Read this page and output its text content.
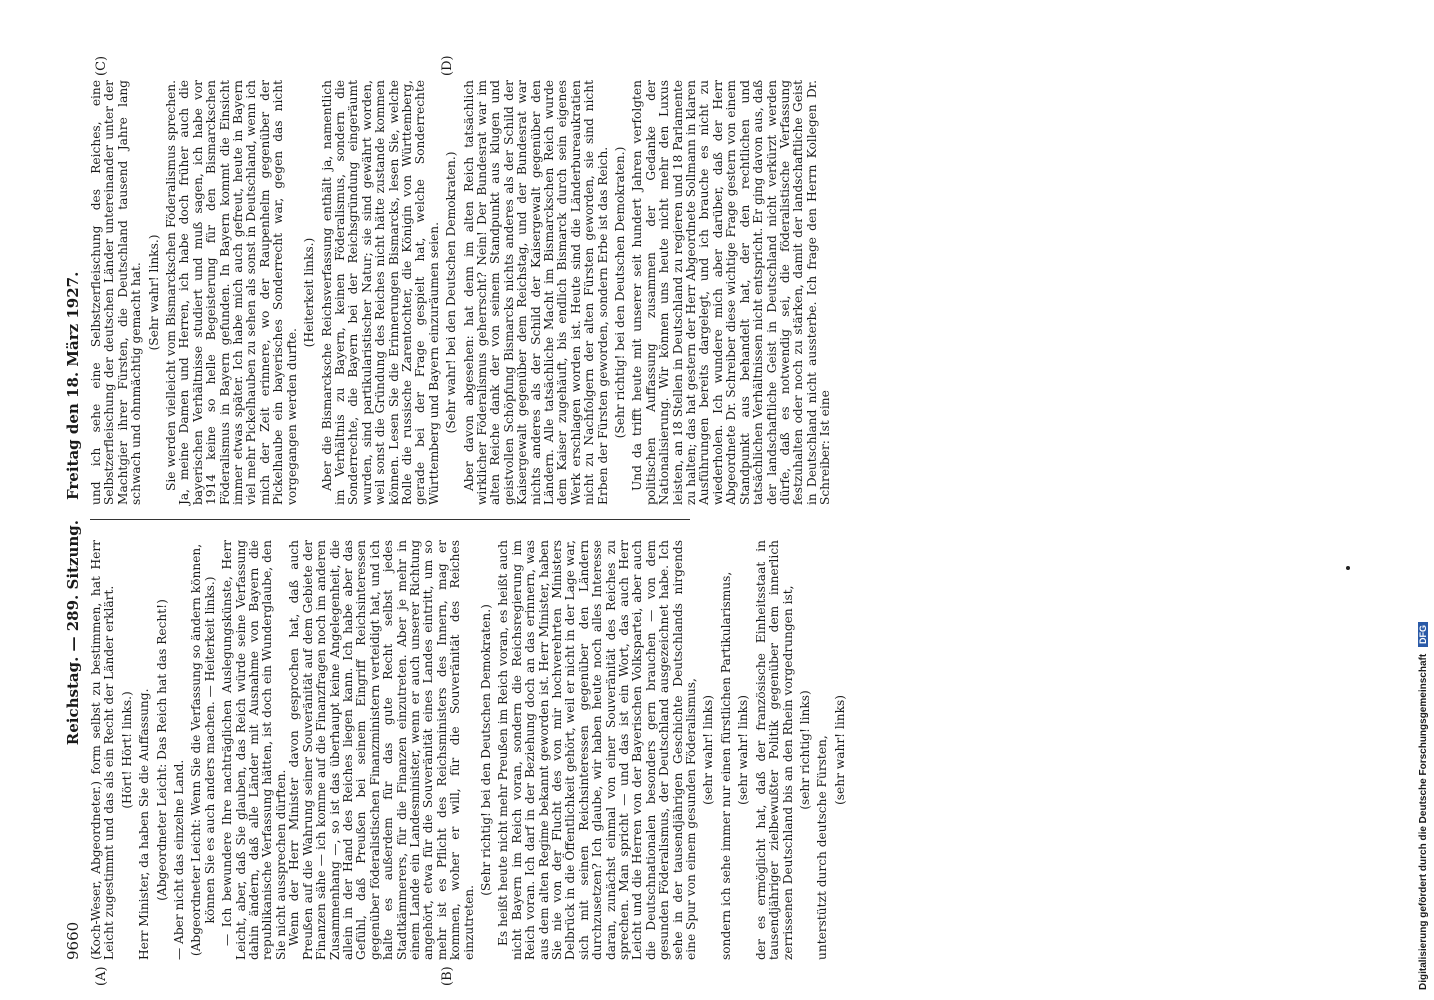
9660
Reichstag. — 289. Sitzung.
Freitag den 18. März 1927.

(Koch-Weser, Abgeordneter.) form selbst zu bestimmen, hat Herr Leicht zugestimmt und das als ein Recht der Länder erklärt. (Hört! Hört! links.) Herr Minister, da haben Sie die Auffassung. (Abgeordneter Leicht: Das Reich hat das Recht!) — Aber nicht das einzelne Land. (Abgeordneter Leicht: Wenn Sie die Verfassung so ändern können, können Sie es auch anders machen. — Heiterkeit links.) — Ich bewundere Ihre nachträglichen Auslegungskünste, Herr Leicht, aber, daß Sie glauben, das Reich würde seine Verfassung dahin ändern, daß alle Länder mit Ausnahme von Bayern die republikanische Verfassung hätten, ist doch ein Wunderglaube, den Sie nicht aussprechen dürften. Wenn der Herr Minister davon gesprochen hat, daß auch Preußen auf die Wahrung seiner Souveränität auf dem Gebiete der Finanzen sähe — ich komme auf die Finanzfragen noch im anderen Zusammenhang —, so ist das überhaupt keine Angelegenheit, die allein in der Hand des Reiches liegen kann. Ich habe aber das Gefühl, daß Preußen bei seinem Eingriff Reichsinteressen gegenüber föderalistischen Finanzministern verteidigt hat, und ich halte es außerdem für das gute Recht selbst jedes Stadtkämmerers, für die Finanzen einzutreten. Aber je mehr in einem Lande ein Landesminister, wenn er auch unserer Richtung angehört, etwa für die Souveränität eines Landes eintritt, um so mehr ist es Pflicht des Reichsministers des Innern, mag er kommen, woher er will, für die Souveränität des Reiches einzutreten.

(Sehr richtig! bei den Deutschen Demokraten.) Es heißt heute nicht mehr Preußen im Reich voran, es heißt auch nicht Bayern im Reich voran, sondern die Reichsregierung im Reich voran. Ich darf in der Beziehung doch an das erinnern, was aus dem alten Regime bekannt geworden ist. Herr Minister, haben Sie nie von der Flucht des von mir hochverehrten Ministers Delbrück in die Öffentlichkeit gehört, weil er nicht in der Lage war, sich mit seinen Reichsinteressen gegenüber den Ländern durchzusetzen? Ich glaube, wir haben heute noch alles Interesse daran, zunächst einmal von einer Souveränität des Reiches zu sprechen. Man spricht — und das ist ein Wort, das auch Herr Leicht und die Herren von der Bayerischen Volkspartei, aber auch die Deutschnationalen besonders gern brauchen — von dem gesunden Föderalismus, der Deutschland ausgezeichnet habe. Ich sehe in der tausendjährigen Geschichte Deutschlands nirgends eine Spur von einem gesunden Föderalismus, (sehr wahr! links) sondern ich sehe immer nur einen fürstlichen Partikularismus, (sehr wahr! links) der es ermöglicht hat, daß der französische Einheitsstaat in tausendjähriger zielbewußter Politik gegenüber dem innerlich zerrissenen Deutschland bis an den Rhein vorgedrungen ist, (sehr richtig! links) unterstützt durch deutsche Fürsten, (sehr wahr! links)

und ich sehe eine Selbstzerfleischung des Reiches, eine Selbstzerfleischung der deutschen Länder untereinander unter der Machtgier ihrer Fürsten, die Deutschland tausend Jahre lang schwach und ohnmächtig gemacht hat. (Sehr wahr! links.) Sie werden vielleicht vom Bismarckschen Föderalismus sprechen. Ja, meine Damen und Herren, ich habe doch früher auch die bayerischen Verhältnisse studiert und muß sagen, ich habe vor 1914 keine so helle Begeisterung für den Bismarckschen Föderalismus in Bayern gefunden. In Bayern kommt die Einsicht immer etwas später. Ich habe mich auch gefreut, heute in Bayern viel mehr Pickelhauben zu sehen als sonst in Deutschland, wenn ich mich der Zeit erinnere, wo der Raupenhelm gegenüber der Pickelhaube ein bayerisches Sonderrecht war, gegen das nicht vorgegangen werden durfte.

(Heiterkeit links.) Aber die Bismarcksche Reichsverfassung enthält ja, namentlich im Verhältnis zu Bayern, keinen Föderalismus, sondern die Sonderrechte, die Bayern bei der Reichsgründung eingeräumt wurden, sind partikularistischer Natur; sie sind gewährt worden, weil sonst die Gründung des Reiches nicht hätte zustande kommen können. Lesen Sie die Erinnerungen Bismarcks, lesen Sie, welche Rolle die russische Zarentochter, die Königin von Württemberg, gerade bei der Frage gespielt hat, welche Sonderrechte Württemberg und Bayern einzuräumen seien. (Sehr wahr! bei den Deutschen Demokraten.) Aber davon abgesehen: hat denn im alten Reich tatsächlich wirklicher Föderalismus geherrscht? Nein! Der Bundesrat war im alten Reiche dank der von seinem Standpunkt aus klugen und geistvollen Schöpfung Bismarcks nichts anderes als der Schild der Kaisergewalt gegenüber dem Reichstag, und der Bundesrat war nichts anderes als der Schild der Kaisergewalt gegenüber den Ländern. Alle tatsächliche Macht im Bismarckschen Reich wurde dem Kaiser zugehäuft, bis endlich Bismarck durch sein eigenes Werk erschlagen worden ist. Heute sind die Länderbureaukratien nicht zu Nachfolgern der alten Fürsten geworden, sie sind nicht Erben der Fürsten geworden, sondern Erbe ist das Reich. (Sehr richtig! bei den Deutschen Demokraten.) Und da trifft heute mit unserer seit hundert Jahren verfolgten politischen Auffassung zusammen der Gedanke der Nationalisierung. Wir können uns heute nicht mehr den Luxus leisten, an 18 Stellen in Deutschland zu regieren und 18 Parlamente zu halten; das hat gestern der Herr Abgeordnete Sollmann in klaren Ausführungen bereits dargelegt, und ich brauche es nicht zu wiederholen. Ich wundere mich aber darüber, daß der Herr Abgeordnete Dr. Schreiber diese wichtige Frage gestern von einem Standpunkt aus behandelt hat, der den rechtlichen und tatsächlichen Verhältnissen nicht entspricht. Er ging davon aus, daß der landschaftliche Geist in Deutschland nicht verkürzt werden dürfe, daß es notwendig sei, die föderalistische Verfassung festzuhalten oder noch zu stärken, damit der landschaftliche Geist in Deutschland nicht aussterbe. Ich frage den Herrn Kollegen Dr. Schreiber: Ist eine

(A)	(B)
(C)	(D)
Digitalisierung gefördert durch die Deutsche Forschungsgemeinschaft DFG
